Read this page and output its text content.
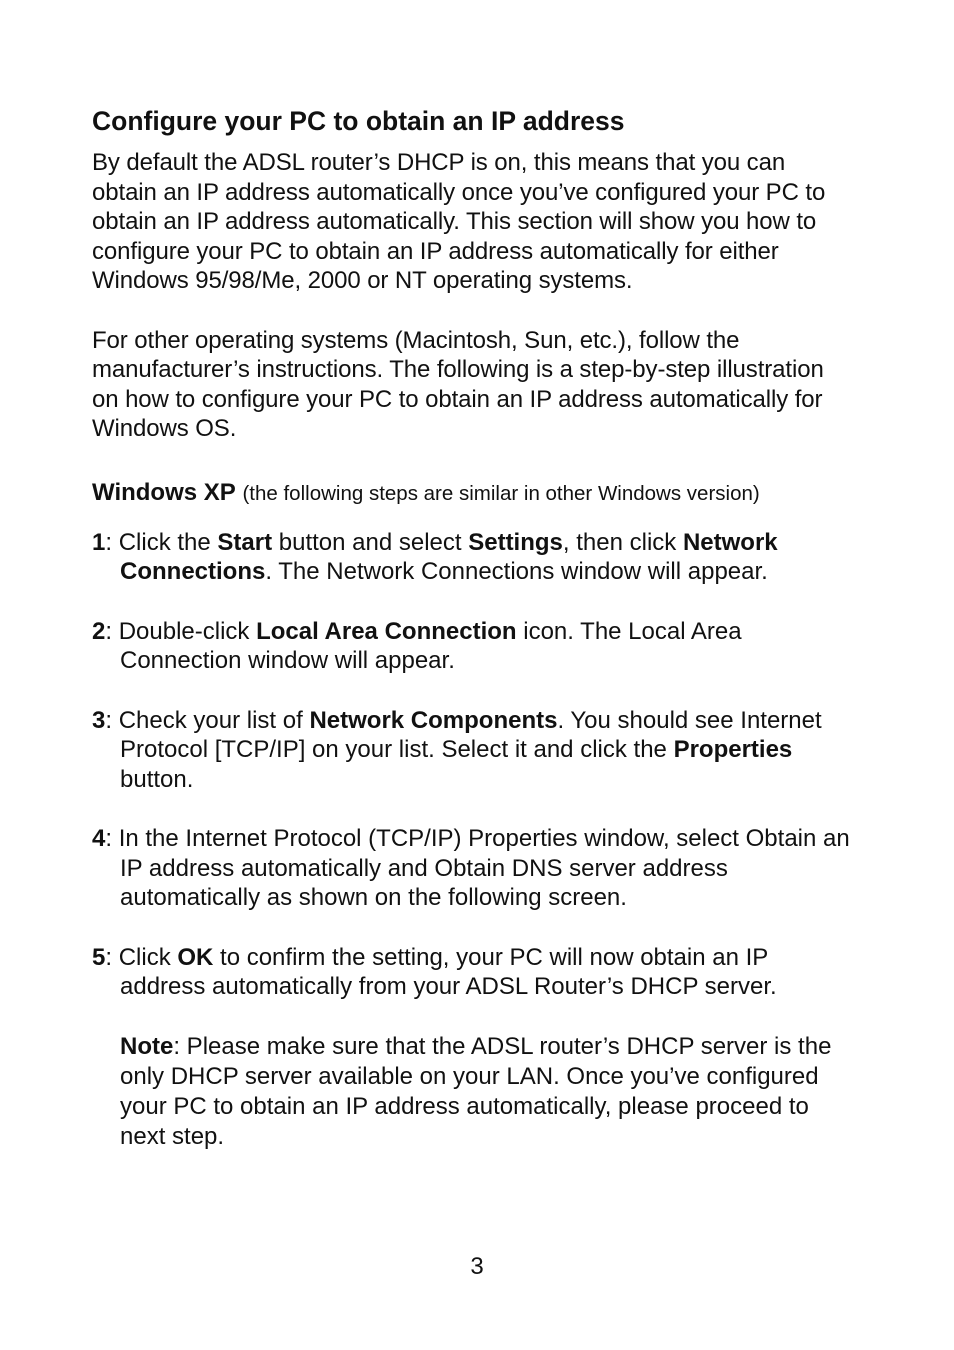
Configure your PC to obtain an IP address

By default the ADSL router’s DHCP is on, this means that you can obtain an IP address automatically once you’ve configured your PC to obtain an IP address automatically. This section will show you how to configure your PC to obtain an IP address automatically for either Windows 95/98/Me, 2000 or NT operating systems.

For other operating systems (Macintosh, Sun, etc.), follow the manufacturer’s instructions. The following is a step-by-step illustration on how to configure your PC to obtain an IP address automatically for Windows OS.

Windows XP (the following steps are similar in other Windows version)

1: Click the Start button and select Settings, then click Network Connections. The Network Connections window will appear.

2: Double-click Local Area Connection icon. The Local Area Connection window will appear.

3: Check your list of Network Components. You should see Internet Protocol [TCP/IP] on your list. Select it and click the Properties button.

4: In the Internet Protocol (TCP/IP) Properties window, select Obtain an IP address automatically and Obtain DNS server address automatically as shown on the following screen.

5: Click OK to confirm the setting, your PC will now obtain an IP address automatically from your ADSL Router’s DHCP server.

Note: Please make sure that the ADSL router’s DHCP server is the only DHCP server available on your LAN. Once you’ve configured your PC to obtain an IP address automatically, please proceed to next step.

3
